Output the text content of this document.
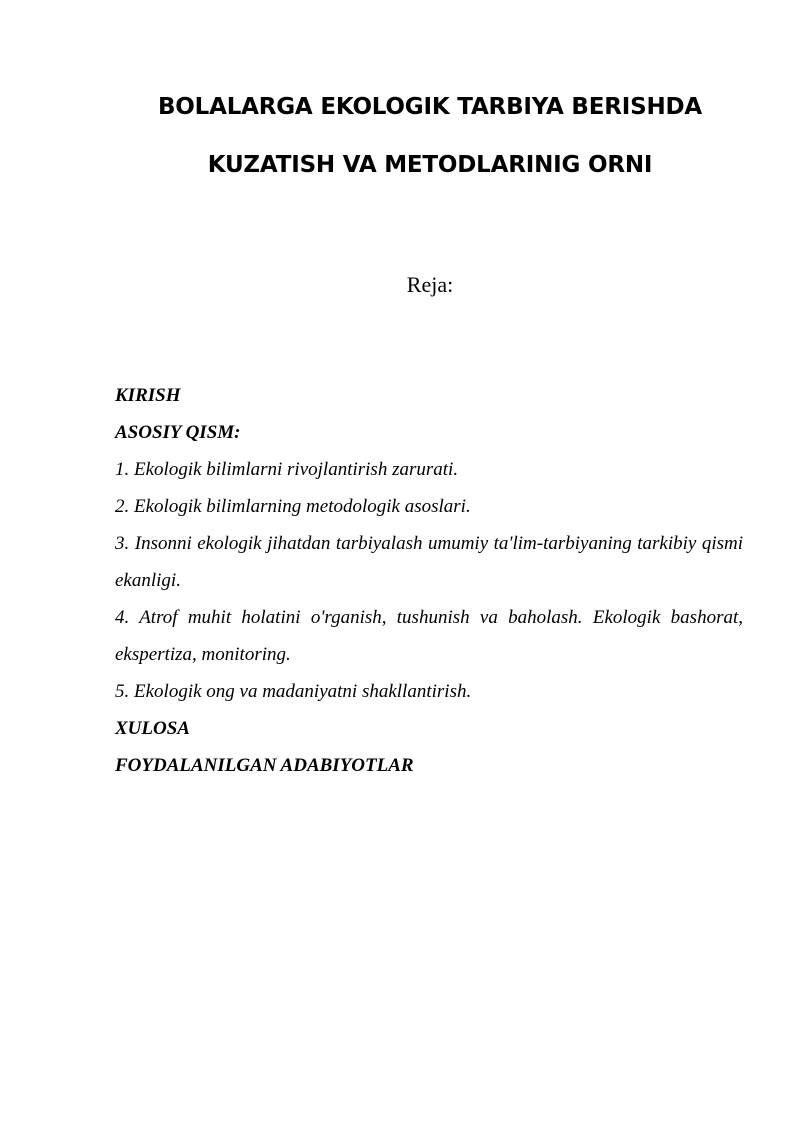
BOLALARGA EKOLOGIK TARBIYA BERISHDA
KUZATISH VA METODLARINIG ORNI
Reja:
KIRISH
ASOSIY QISM:
1. Ekologik bilimlarni rivojlantirish zarurati.
2. Ekologik bilimlarning metodologik asoslari.
3. Insonni ekologik jihatdan tarbiyalash umumiy ta'lim-tarbiyaning tarkibiy qismi ekanligi.
4. Atrof muhit holatini o'rganish, tushunish va baholash. Ekologik bashorat, ekspertiza, monitoring.
5. Ekologik ong va madaniyatni shakllantirish.
XULOSA
FOYDALANILGAN ADABIYOTLAR
